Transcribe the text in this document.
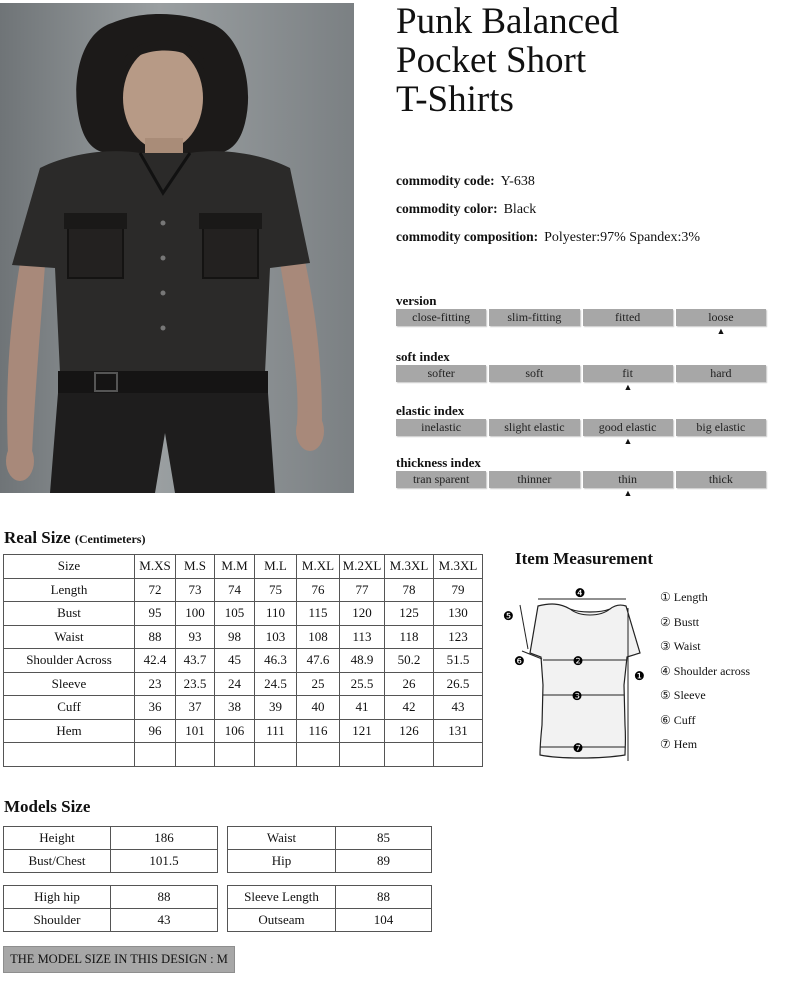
Punk Balanced
Pocket Short
T-Shirts
commodity code: Y-638
commodity color: Black
commodity composition: Polyester:97% Spandex:3%
version
close-fitting	slim-fitting	fitted	loose
▲
soft index
softer	soft	fit	hard
▲
elastic index
inelastic	slight elastic	good elastic	big elastic
▲
thickness index
tran sparent	thinner	thin	thick
▲
Real Size (Centimeters)
Size	M.XS	M.S	M.M	M.L	M.XL	M.2XL	M.3XL	M.3XL
Length	72	73	74	75	76	77	78	79
Bust	95	100	105	110	115	120	125	130
Waist	88	93	98	103	108	113	118	123
Shoulder Across	42.4	43.7	45	46.3	47.6	48.9	50.2	51.5
Sleeve	23	23.5	24	24.5	25	25.5	26	26.5
Cuff	36	37	38	39	40	41	42	43
Hem	96	101	106	111	116	121	126	131

Item Measurement
❹
❷
❸
❼
❶
❺
❻
① Length
② Bustt
③ Waist
④ Shoulder across
⑤ Sleeve
⑥ Cuff
⑦ Hem
Models Size
Height	186
Bust/Chest	101.5
Waist	85
Hip	89
High hip	88
Shoulder	43
Sleeve Length	88
Outseam	104
THE MODEL SIZE IN THIS DESIGN : M
